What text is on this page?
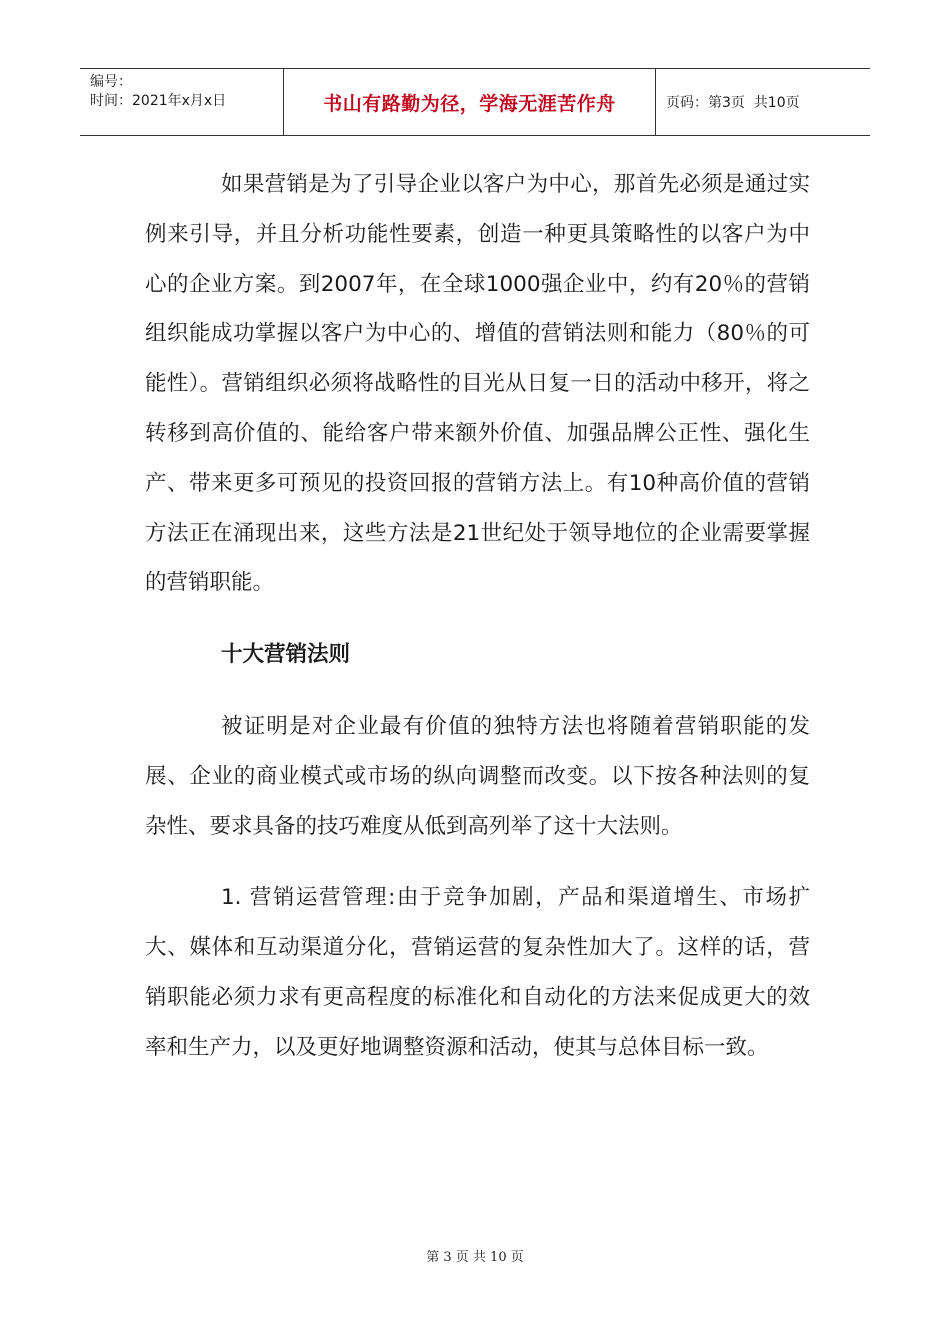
编号：
时间：2021年x月x日	书山有路勤为径，学海无涯苦作舟	页码：第3页  共10页

如果营销是为了引导企业以客户为中心，那首先必须是通过实例来引导，并且分析功能性要素，创造一种更具策略性的以客户为中心的企业方案。到2007年，在全球1000强企业中，约有20％的营销组织能成功掌握以客户为中心的、增值的营销法则和能力（80％的可能性）。营销组织必须将战略性的目光从日复一日的活动中移开，将之转移到高价值的、能给客户带来额外价值、加强品牌公正性、强化生产、带来更多可预见的投资回报的营销方法上。有10种高价值的营销方法正在涌现出来，这些方法是21世纪处于领导地位的企业需要掌握的营销职能。

十大营销法则

被证明是对企业最有价值的独特方法也将随着营销职能的发展、企业的商业模式或市场的纵向调整而改变。以下按各种法则的复杂性、要求具备的技巧难度从低到高列举了这十大法则。

1. 营销运营管理:由于竞争加剧，产品和渠道增生、市场扩大、媒体和互动渠道分化，营销运营的复杂性加大了。这样的话，营销职能必须力求有更高程度的标准化和自动化的方法来促成更大的效率和生产力，以及更好地调整资源和活动，使其与总体目标一致。

第 3 页 共 10 页
